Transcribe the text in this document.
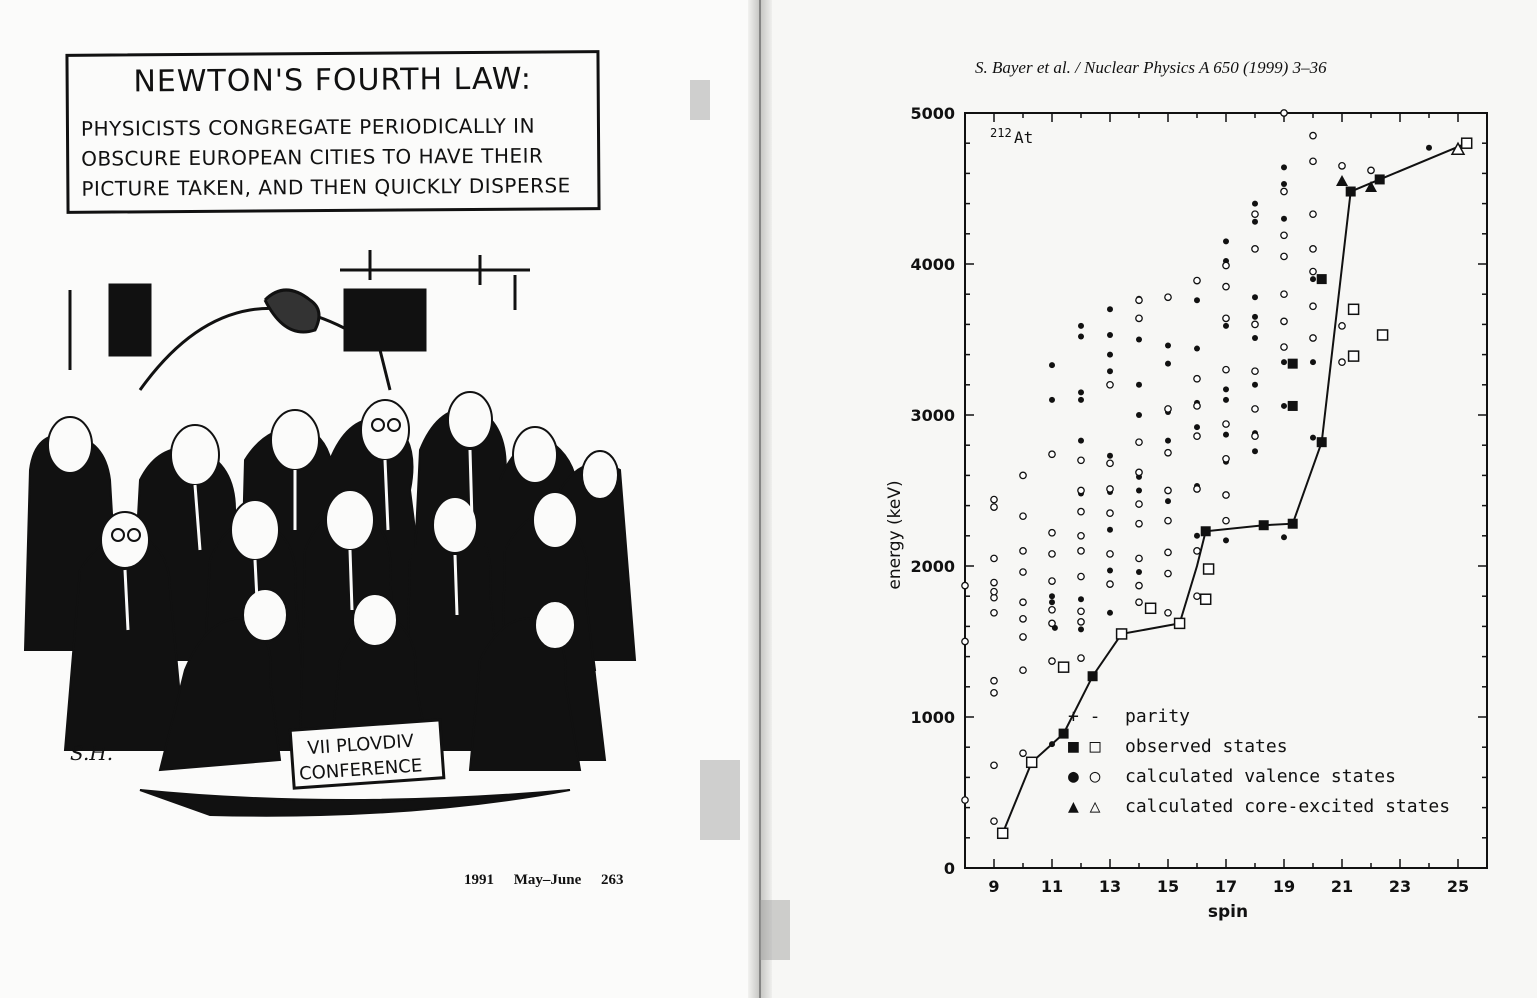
NEWTON'S FOURTH LAW:
PHYSICISTS CONGREGATE PERIODICALLY IN
OBSCURE EUROPEAN CITIES TO HAVE THEIR
PICTURE TAKEN, AND THEN QUICKLY DISPERSE
VII PLOVDIV
CONFERENCE
S.H.
1991 May–June 263
S. Bayer et al. / Nuclear Physics A 650 (1999) 3–36
9	11 13 15 17 19 21 23 25
0
1000
2000
3000
4000
5000
energy (keV)
spin
212 At
+ - parity
■ □ observed states
● ○ calculated valence states
▲ △ calculated core-excited states
